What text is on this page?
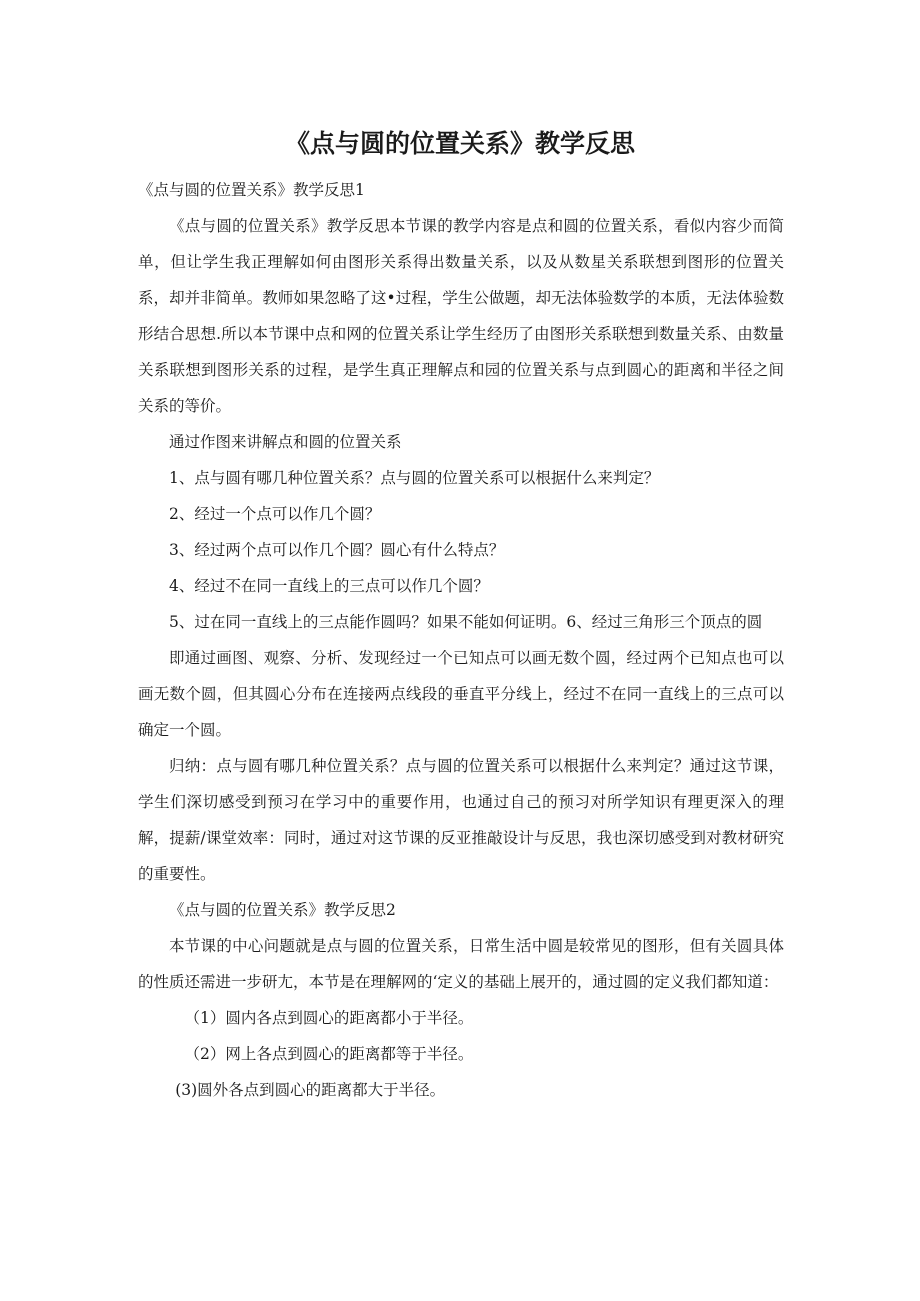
《点与圆的位置关系》教学反思

《点与圆的位置关系》教学反思1

《点与圆的位置关系》教学反思本节课的教学内容是点和圆的位置关系，看似内容少而简单，但让学生我正理解如何由图形关系得出数量关系，以及从数星关系联想到图形的位置关系，却并非简单。教师如果忽略了这•过程，学生公做题，却无法体验数学的本质，无法体验数形结合思想.所以本节课中点和网的位置关系让学生经历了由图形关系联想到数量关系、由数量关系联想到图形关系的过程，是学生真正理解点和园的位置关系与点到圆心的距离和半径之间关系的等价。

通过作图来讲解点和圆的位置关系

1、点与圆有哪几种位置关系？点与圆的位置关系可以根据什么来判定？

2、经过一个点可以作几个圆？

3、经过两个点可以作几个圆？圆心有什么特点？

4、经过不在同一直线上的三点可以作几个圆？

5、过在同一直线上的三点能作圆吗？如果不能如何证明。6、经过三角形三个顶点的圆

即通过画图、观察、分析、发现经过一个已知点可以画无数个圆，经过两个已知点也可以画无数个圆，但其圆心分布在连接两点线段的垂直平分线上，经过不在同一直线上的三点可以确定一个圆。

归纳：点与圆有哪几种位置关系？点与圆的位置关系可以根据什么来判定？通过这节课，学生们深切感受到预习在学习中的重要作用，也通过自己的预习对所学知识有理更深入的理解，提薪/课堂效率：同时，通过对这节课的反亚推敲设计与反思，我也深切感受到对教材研究的重要性。

《点与圆的位置关系》教学反思2

本节课的中心问题就是点与圆的位置关系，日常生活中圆是较常见的图形，但有关圆具体的性质还需进一步研尢，本节是在理解网的‘定义的基础上展开的，通过圆的定义我们都知道：

（1）圆内各点到圆心的距离都小于半径。

（2）网上各点到圆心的距离都等于半径。

(3)圆外各点到圆心的距离都大于半径。
